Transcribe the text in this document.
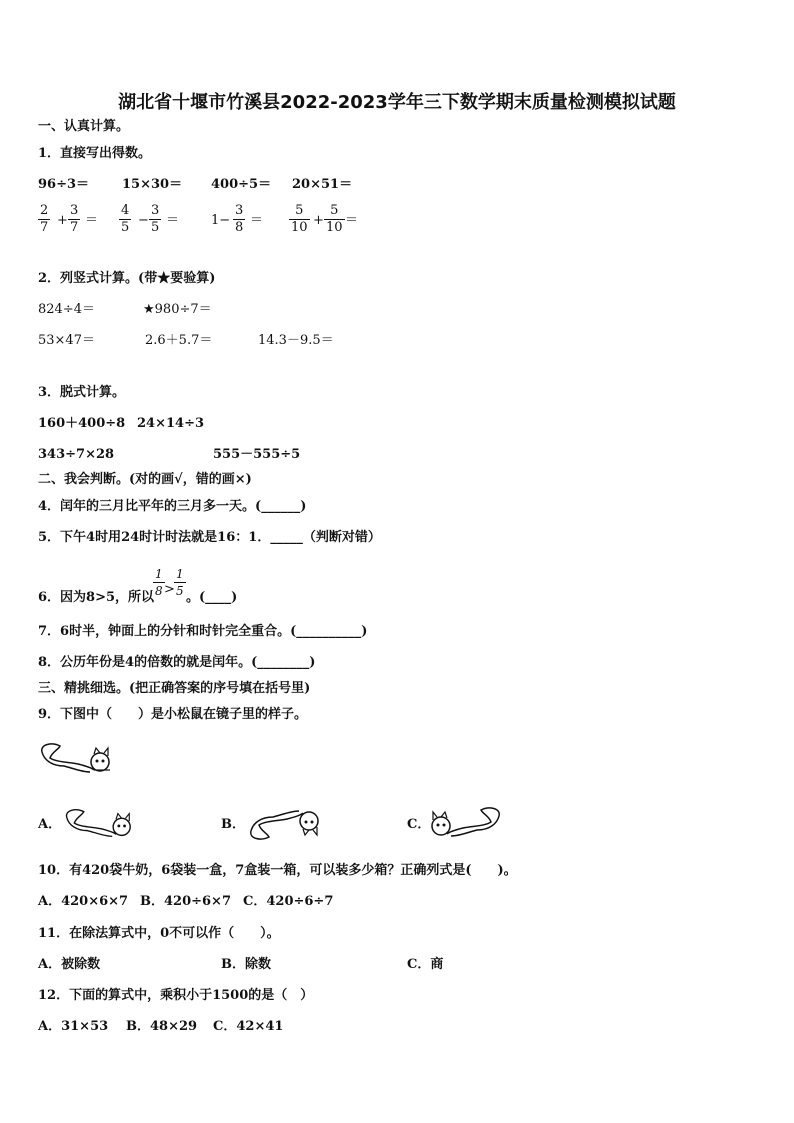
湖北省十堰市竹溪县2022-2023学年三下数学期末质量检测模拟试题
一、认真计算。
1．直接写出得数。
96÷3＝	15×30＝ 400÷5＝ 20×51＝
2
7 +
3
7 ＝
4
5 −
3
5 ＝ 1−
3
8 ＝
5
10 +
5
10 ＝
2．列竖式计算。(带★要验算)
824÷4＝	★980÷7＝
53×47＝	2.6＋5.7＝	14.3－9.5＝
3．脱式计算。
160＋400÷8 24×14÷3
343÷7×28	555－555÷5
二、我会判断。(对的画√，错的画×)
4．闰年的三月比平年的三月多一天。(______)
5．下午4时用24时计时法就是16：1．_____（判断对错）
6．因为8>5，所以
1
8 >
1
5 。(____)
7．6时半，钟面上的分针和时针完全重合。(__________)
8．公历年份是4的倍数的就是闰年。(________)
三、精挑细选。(把正确答案的序号填在括号里)
9．下图中（　　）是小松鼠在镜子里的样子。
A．	B．	C．
10．有420袋牛奶，6袋装一盒，7盒装一箱，可以装多少箱？正确列式是(　　)。
A．420×6×7 B．420÷6×7 C．420÷6÷7
11．在除法算式中，0不可以作（　　）。
A．被除数	B．除数	C．商
12．下面的算式中，乘积小于1500的是（　）
A．31×53 B．48×29 C．42×41
